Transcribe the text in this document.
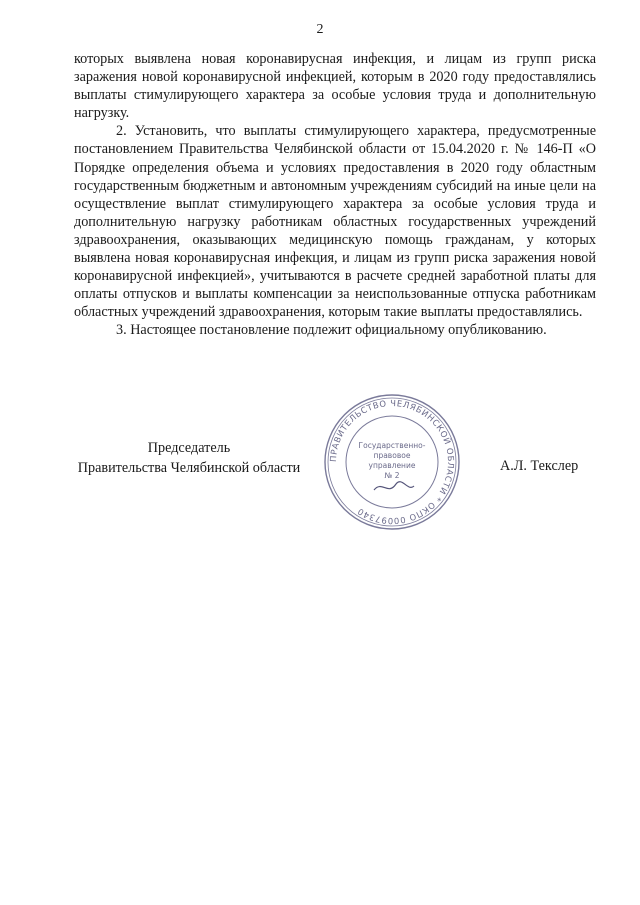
2

которых выявлена новая коронавирусная инфекция, и лицам из групп риска заражения новой коронавирусной инфекцией, которым в 2020 году предоставлялись выплаты стимулирующего характера за особые условия труда и дополнительную нагрузку.

2. Установить, что выплаты стимулирующего характера, предусмотренные постановлением Правительства Челябинской области от 15.04.2020 г. № 146-П «О Порядке определения объема и условиях предоставления в 2020 году областным государственным бюджетным и автономным учреждениям субсидий на иные цели на осуществление выплат стимулирующего характера за особые условия труда и дополнительную нагрузку работникам областных государственных учреждений здравоохранения, оказывающих медицинскую помощь гражданам, у которых выявлена новая коронавирусная инфекция, и лицам из групп риска заражения новой коронавирусной инфекцией», учитываются в расчете средней заработной платы для оплаты отпусков и выплаты компенсации за неиспользованные отпуска работникам областных учреждений здравоохранения, которым такие выплаты предоставлялись.

3. Настоящее постановление подлежит официальному опубликованию.

Председатель
Правительства Челябинской области
ПРАВИТЕЛЬСТВО ЧЕЛЯБИНСКОЙ ОБЛАСТИ * ОКПО 00097340
Государственно-
правовое
управление
№ 2
А.Л. Текслер
